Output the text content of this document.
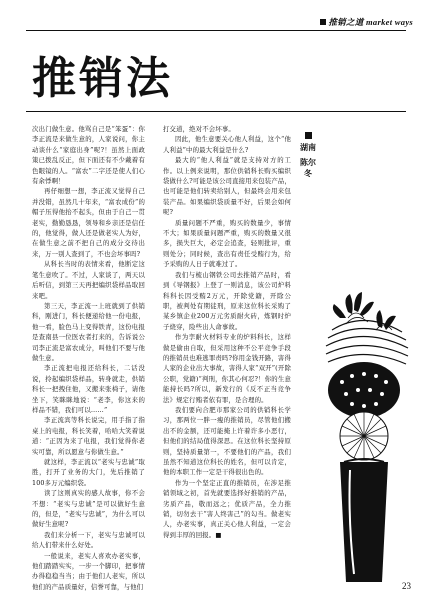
推销之道 market ways
推销法

次出门做生意。他骂自己是“笨蛋”：你李正流是来做生意的，人家说问，你主动谈什么“家庭出身”呢?！虽然上面政策已拨乱反正，但下面还有不少戴着有色眼镜的人。“富农”二字还是使人们心有余悸啊！

再仔细想一想，李正流又觉得自己并没错，虽然几十年来，“富农成份”的帽子压得他抬不起头，但由于自己一贯老实，勤勤恳恳，领导和乡亲还是信任的，他觉得，做人还是做老实人为好，在做生意之前不把自己的成分交待出来，万一别人查到了，不也会坏事吗?

从科长当时的表情来看，他断定这笔生意吹了。不过，人家谈了，两天以后听信，到第三天再把编织袋样品取回来吧。

第三天，李正流一上班就到了供销科，刚进门，科长便递给他一份电报，他一看，脸色马上变得铁青，这份电报是查南县一位医农者打来的，告诉说公司李正流是富农成分，叫他们不要与他做生意。

李正流把电报还给科长，二话没说，拎起编织袋样品，转身就走，供销科长一把拽住他，又搬来张椅子，请他坐下，笑眯眯地说：“老李，你这来的样品不错，我们可以……”

李正流宾等科长说完，用手指了指桌上的电报，科长笑着，哈哈大笑着说道：“正因为来了电报，我们觉得你老实可靠，所以愿意与你做生意。”

就这样，李正流以“老实与忠诚”取胜，打开了业务的大门，先后推销了100多万元编织袋。

读了这则真实的感人故事，你不会不想：“老实与忠诚”是可以做好生意的，但是，“老实与忠诚”，为什么可以做好生意呢?

我们来分析一下，老实与忠诚可以给人们带来什么好处。

一般说来，老实人喜欢办老实事，他们踏踏实实，一步一个脚印，把事情办得稳稳当当；由于他们人老实，所以他们的产品质量好，信誉可靠，与他们

打交道，绝对不会坏事。

因此，他生意要关心他人利益，这个“他人利益”中的最大利益是什么?

最大的“他人利益”就是支持对方的工作。以上例来说明，那位供销科长购买编织袋做什么?可能是该公司直接用来包装产品，也可能是他们转卖给别人，但最终会用来包装产品。如果编织袋质量不好，后果会如何呢?

质量问题不严重，购买的数量少，事情不大；如果质量问题严重，购买的数量又很多，损失巨大，必定会追查，轻则批评，重则处分；同时候，查出有责任受贿行为，给予采购的人日子就难过了。

我们与梳山钢铁公司去推销产品时，看到《导钢报》上登了一则消息，该公司炉料科科长因受贿2万元，开除党籍，开除公职，被判处有期徒刑，原来这位科长采购了某乡镇企业200万元劣质耐火砖，炼钢时炉子烧穿，险些出人命事故。

作为孪耐火材料专业的炉料科长，这样做是偷由自取，但采用这种不公平竞争手段的推销员也难逃罪责吗?你用金钱开路，害得人家的企业出大事故，害得人家“双开”(开除公职，党籍)“判刑，你其心何忍?！你的生意能持长吗?所以，新发行的《反不正当竞争法》规定行贿者依有罪，是合理的。

我们要向合肥市那家公司的供销科长学习，那两位一胖一瘦的推销员，尽管他们搬出不的金额，还可能掩上许着许多小恶行，但他们的结局值得深思。在这位科长坚持原则，坚持质量第一，不要他们的产品，我们虽然不知道这位科长的姓名，但可以肯定，他的本职工作一定是干得很出色的。

作为一个坚定正直的推销员，在涉足推销领域之初，首先就要选择好推销的产品，劣质产品，敬而远之；优质产品，全力推销，切勿去干“害人终害己”的勾当。做老实人，办老实事，真正关心他人利益，一定会得到丰厚的回报。■

湖南
陈尔冬
23
